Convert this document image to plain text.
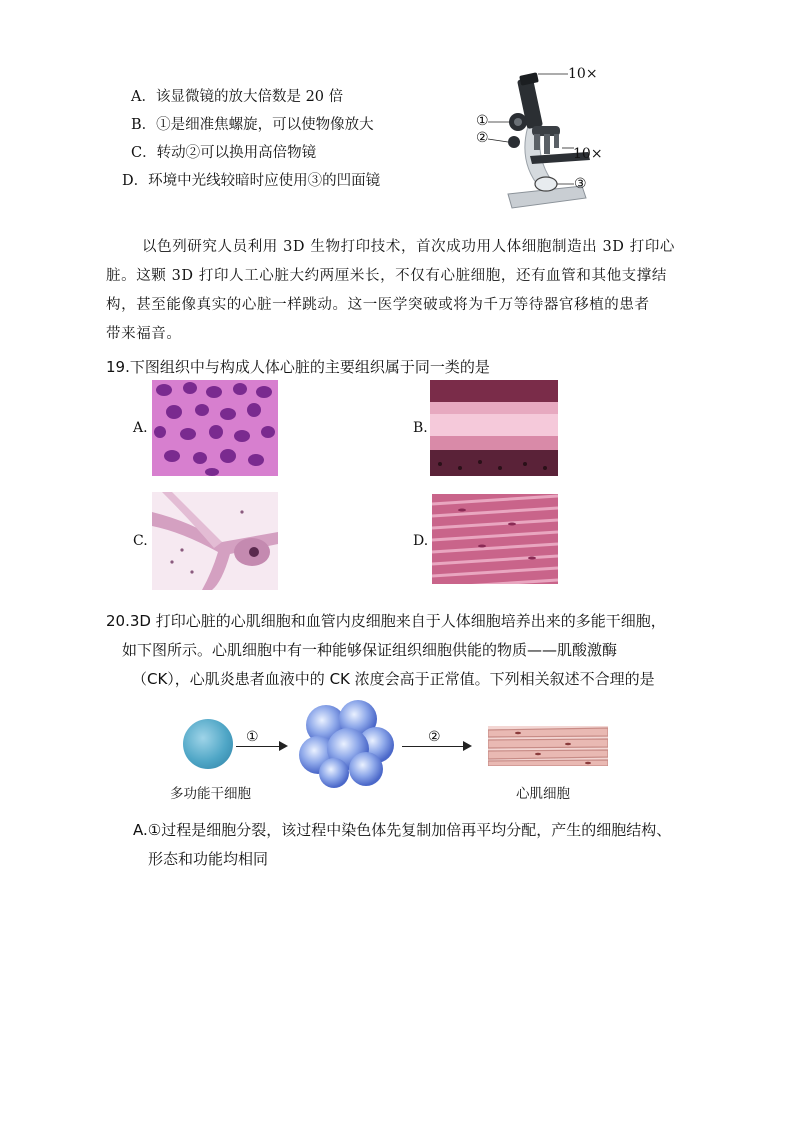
A．该显微镜的放大倍数是 20 倍
B．①是细准焦螺旋，可以使物像放大
C．转动②可以换用高倍物镜
D．环境中光线较暗时应使用③的凹面镜
10×
10×
①
②
③
以色列研究人员利用 3D 生物打印技术，首次成功用人体细胞制造出 3D 打印心
脏。这颗 3D 打印人工心脏大约两厘米长，不仅有心脏细胞，还有血管和其他支撑结
构，甚至能像真实的心脏一样跳动。这一医学突破或将为千万等待器官移植的患者
带来福音。
19.下图组织中与构成人体心脏的主要组织属于同一类的是
A.	B.
C.	D.
20.3D 打印心脏的心肌细胞和血管内皮细胞来自于人体细胞培养出来的多能干细胞，
如下图所示。心肌细胞中有一种能够保证组织细胞供能的物质——肌酸激酶
（CK），心肌炎患者血液中的 CK 浓度会高于正常值。下列相关叙述不合理的是
①	②
多功能干细胞	心肌细胞
A.①过程是细胞分裂，该过程中染色体先复制加倍再平均分配，产生的细胞结构、
形态和功能均相同
